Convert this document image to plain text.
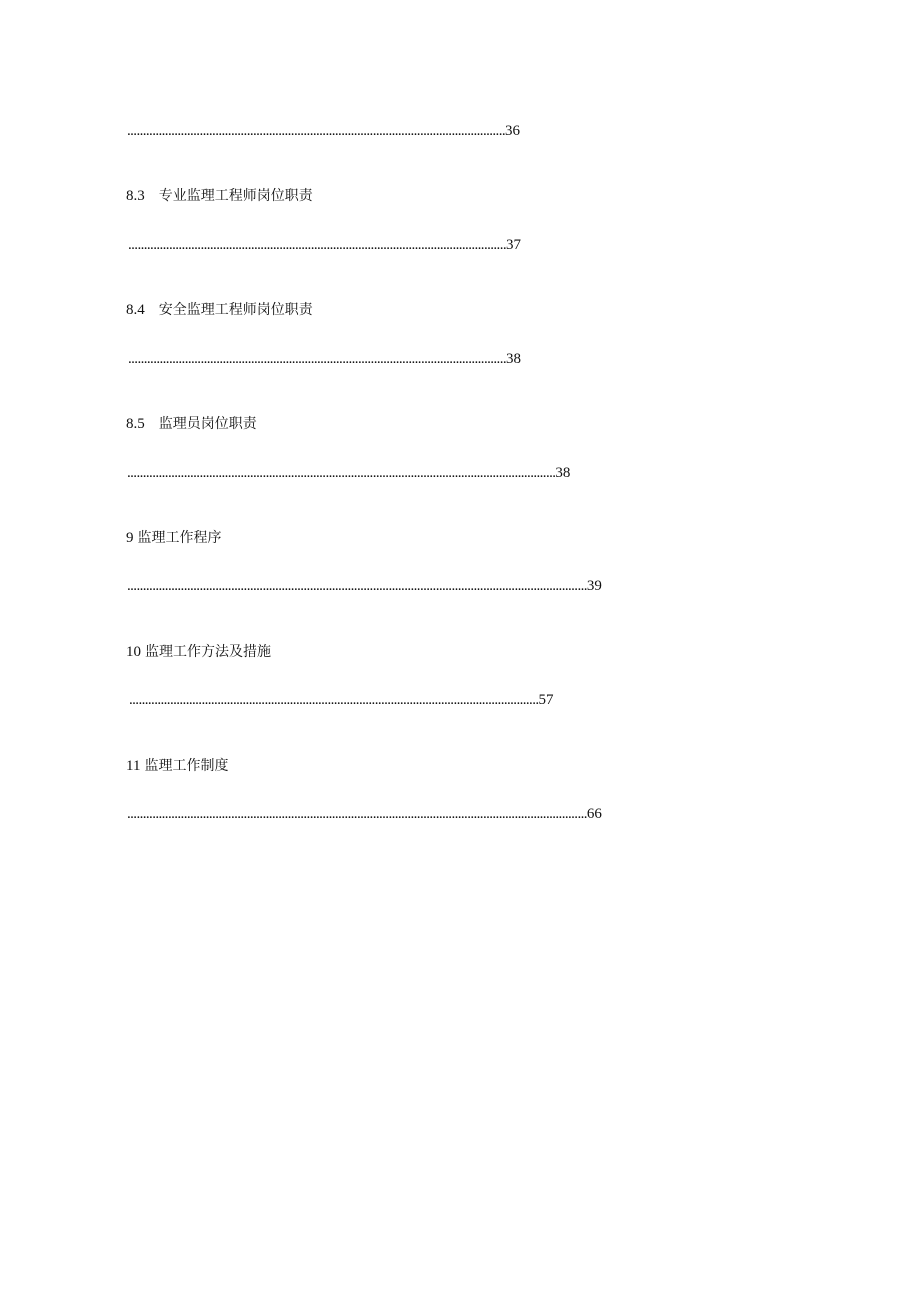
........................................................................................................................36
8.3 专业监理工程师岗位职责
........................................................................................................................37
8.4 安全监理工程师岗位职责
........................................................................................................................38
8.5 监理员岗位职责
........................................................................................................................................38
9 监理工作程序
..................................................................................................................................................39
10 监理工作方法及措施
..................................................................................................................................57
11 监理工作制度
..................................................................................................................................................66
